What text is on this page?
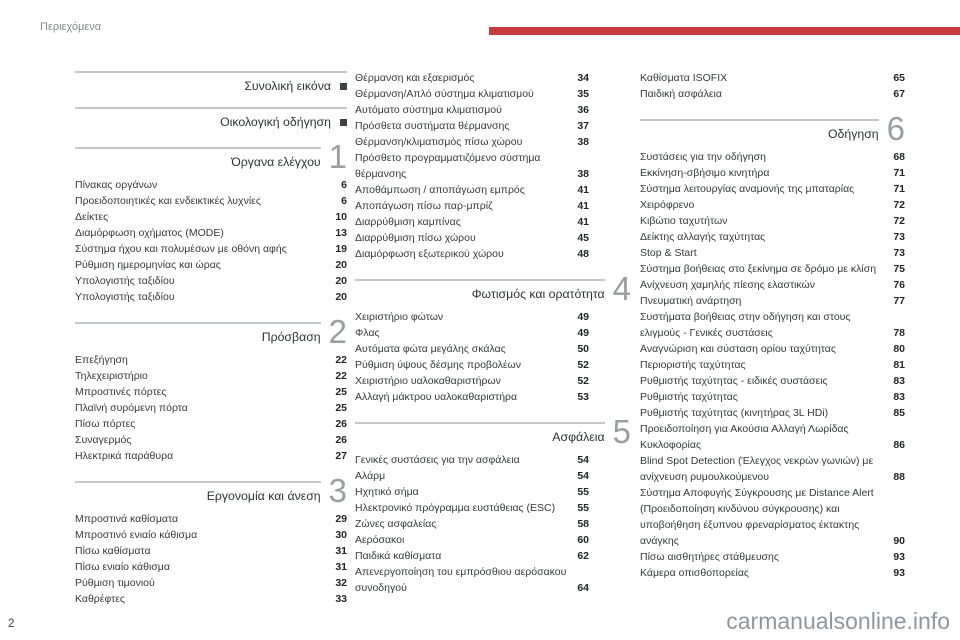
Περιεχόμενα
Συνολική εικόνα
Οικολογική οδήγηση
Όργανα ελέγχου 1
Πίνακας οργάνων	6
Προειδοποιητικές και ενδεικτικές λυχνίες	6
Δείκτες	10
Διαμόρφωση οχήματος (MODE)	13
Σύστημα ήχου και πολυμέσων με οθόνη αφής	19
Ρύθμιση ημερομηνίας και ώρας	20
Υπολογιστής ταξιδίου	20
Υπολογιστής ταξιδίου	20
Πρόσβαση 2
Επεξήγηση	22
Τηλεχειριστήριο	22
Μπροστινές πόρτες	25
Πλαϊνή συρόμενη πόρτα	25
Πίσω πόρτες	26
Συναγερμός	26
Ηλεκτρικά παράθυρα	27
Εργονομία και άνεση 3
Μπροστινά καθίσματα	29
Μπροστινό ενιαίο κάθισμα	30
Πίσω καθίσματα	31
Πίσω ενιαίο κάθισμα	31
Ρύθμιση τιμονιού	32
Καθρέφτες	33
Θέρμανση και εξαερισμός	34
Θέρμανση/Απλό σύστημα κλιματισμού	35
Αυτόματο σύστημα κλιματισμού	36
Πρόσθετα συστήματα θέρμανσης	37
Θέρμανση/κλιματισμός πίσω χώρου	38
Πρόσθετο προγραμματιζόμενο σύστημα θέρμανσης	38
Αποθάμπωση / αποπάγωση εμπρός	41
Αποπάγωση πίσω παρ-μπρίζ	41
Διαρρύθμιση καμπίνας	41
Διαρρύθμιση πίσω χώρου	45
Διαμόρφωση εξωτερικού χώρου	48
Φωτισμός και ορατότητα 4
Χειριστήριο φώτων	49
Φλας	49
Αυτόματα φώτα μεγάλης σκάλας	50
Ρύθμιση ύψους δέσμης προβολέων	52
Χειριστήριο υαλοκαθαριστήρων	52
Αλλαγή μάκτρου υαλοκαθαριστήρα	53
Ασφάλεια 5
Γενικές συστάσεις για την ασφάλεια	54
Αλάρμ	54
Ηχητικό σήμα	55
Ηλεκτρονικό πρόγραμμα ευστάθειας (ESC)	55
Ζώνες ασφαλείας	58
Αερόσακοι	60
Παιδικά καθίσματα	62
Απενεργοποίηση του εμπρόσθιου αερόσακου συνοδηγού	64
Καθίσματα ISOFIX	65
Παιδική ασφάλεια	67
Οδήγηση 6
Συστάσεις για την οδήγηση	68
Εκκίνηση-σβήσιμο κινητήρα	71
Σύστημα λειτουργίας αναμονής της μπαταρίας	71
Χειρόφρενο	72
Κιβώτιο ταχυτήτων	72
Δείκτης αλλαγής ταχύτητας	73
Stop & Start	73
Σύστημα βοήθειας στο ξεκίνημα σε δρόμο με κλίση	75
Ανίχνευση χαμηλής πίεσης ελαστικών	76
Πνευματική ανάρτηση	77
Συστήματα βοήθειας στην οδήγηση και στους ελιγμούς - Γενικές συστάσεις	78
Αναγνώριση και σύσταση ορίου ταχύτητας	80
Περιοριστής ταχύτητας	81
Ρυθμιστής ταχύτητας - ειδικές συστάσεις	83
Ρυθμιστής ταχύτητας	83
Ρυθμιστής ταχύτητας (κινητήρας 3L HDi)	85
Προειδοποίηση για Ακούσια Αλλαγή Λωρίδας Κυκλοφορίας	86
Blind Spot Detection (Έλεγχος νεκρών γωνιών) με ανίχνευση ρυμουλκούμενου	88
Σύστημα Αποφυγής Σύγκρουσης με Distance Alert (Προειδοποίηση κινδύνου σύγκρουσης) και υποβοήθηση έξυπνου φρεναρίσματος έκτακτης ανάγκης	90
Πίσω αισθητήρες στάθμευσης	93
Κάμερα οπισθοπορείας	93
2	carmanualsonline.info
